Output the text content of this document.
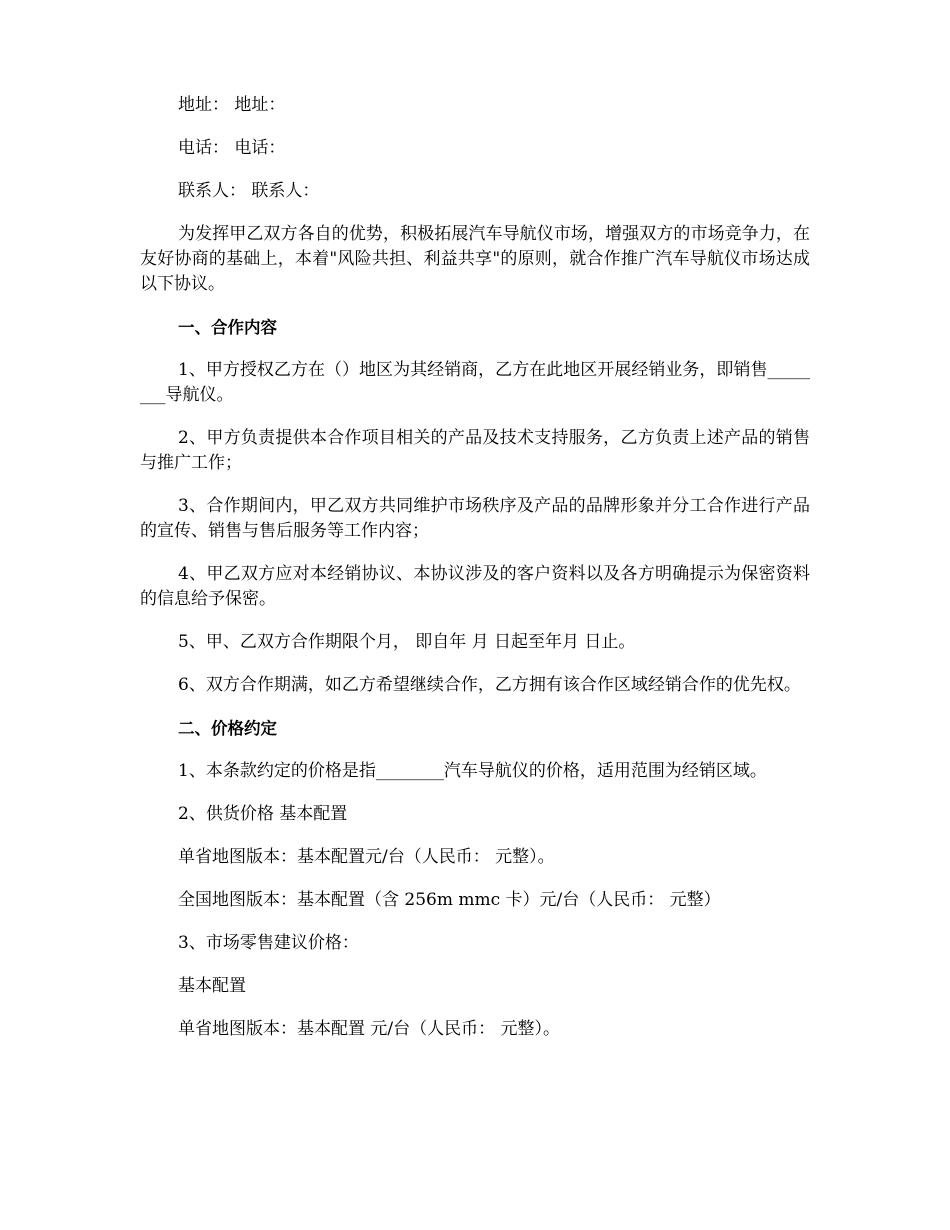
地址： 地址：

电话： 电话：

联系人： 联系人：

为发挥甲乙双方各自的优势，积极拓展汽车导航仪市场，增强双方的市场竞争力，在友好协商的基础上，本着"风险共担、利益共享"的原则，就合作推广汽车导航仪市场达成以下协议。

一、合作内容

1、甲方授权乙方在（）地区为其经销商，乙方在此地区开展经销业务，即销售________导航仪。

2、甲方负责提供本合作项目相关的产品及技术支持服务，乙方负责上述产品的销售与推广工作；

3、合作期间内，甲乙双方共同维护市场秩序及产品的品牌形象并分工合作进行产品的宣传、销售与售后服务等工作内容；

4、甲乙双方应对本经销协议、本协议涉及的客户资料以及各方明确提示为保密资料的信息给予保密。

5、甲、乙双方合作期限个月， 即自年 月 日起至年月 日止。

6、双方合作期满，如乙方希望继续合作，乙方拥有该合作区域经销合作的优先权。

二、价格约定

1、本条款约定的价格是指________汽车导航仪的价格，适用范围为经销区域。

2、供货价格 基本配置

单省地图版本：基本配置元/台（人民币： 元整）。

全国地图版本：基本配置（含 256m mmc 卡）元/台（人民币： 元整）

3、市场零售建议价格：

基本配置

单省地图版本：基本配置 元/台（人民币： 元整）。
